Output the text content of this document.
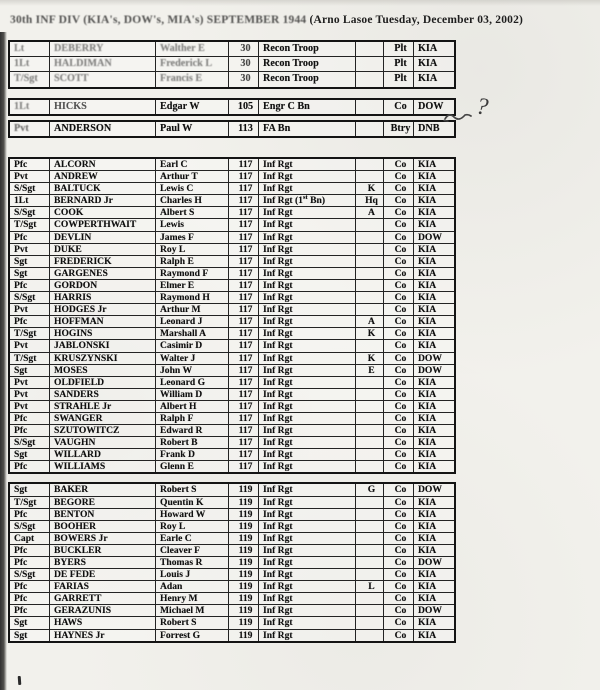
30th INF DIV (KIA's, DOW's, MIA's) SEPTEMBER 1944 (Arno Lasoe Tuesday, December 03, 2002)
Lt	DEBERRY	Walther E	30	Recon Troop		Plt	KIA
1Lt	HALDIMAN	Frederick L	30	Recon Troop		Plt	KIA
T/Sgt	SCOTT	Francis E	30	Recon Troop		Plt	KIA
1Lt	HICKS	Edgar W	105	Engr C Bn		Co	DOW
Pvt	ANDERSON	Paul W	113	FA Bn		Btry	DNB
Pfc	ALCORN	Earl C	117	Inf Rgt		Co	KIA
Pvt	ANDREW	Arthur T	117	Inf Rgt		Co	KIA
S/Sgt	BALTUCK	Lewis C	117	Inf Rgt	K	Co	KIA
1Lt	BERNARD Jr	Charles H	117	Inf Rgt (1st Bn)	Hq	Co	KIA
S/Sgt	COOK	Albert S	117	Inf Rgt	A	Co	KIA
T/Sgt	COWPERTHWAIT	Lewis	117	Inf Rgt		Co	KIA
Pfc	DEVLIN	James F	117	Inf Rgt		Co	DOW
Pvt	DUKE	Roy L	117	Inf Rgt		Co	KIA
Sgt	FREDERICK	Ralph E	117	Inf Rgt		Co	KIA
Sgt	GARGENES	Raymond F	117	Inf Rgt		Co	KIA
Pfc	GORDON	Elmer E	117	Inf Rgt		Co	KIA
S/Sgt	HARRIS	Raymond H	117	Inf Rgt		Co	KIA
Pvt	HODGES Jr	Arthur M	117	Inf Rgt		Co	KIA
Pfc	HOFFMAN	Leonard J	117	Inf Rgt	A	Co	KIA
T/Sgt	HOGINS	Marshall A	117	Inf Rgt	K	Co	KIA
Pvt	JABLONSKI	Casimir D	117	Inf Rgt		Co	KIA
T/Sgt	KRUSZYNSKI	Walter J	117	Inf Rgt	K	Co	DOW
Sgt	MOSES	John W	117	Inf Rgt	E	Co	DOW
Pvt	OLDFIELD	Leonard G	117	Inf Rgt		Co	KIA
Pvt	SANDERS	William D	117	Inf Rgt		Co	KIA
Pvt	STRAHLE Jr	Albert H	117	Inf Rgt		Co	KIA
Pfc	SWANGER	Ralph F	117	Inf Rgt		Co	KIA
Pfc	SZUTOWITCZ	Edward R	117	Inf Rgt		Co	KIA
S/Sgt	VAUGHN	Robert B	117	Inf Rgt		Co	KIA
Sgt	WILLARD	Frank D	117	Inf Rgt		Co	KIA
Pfc	WILLIAMS	Glenn E	117	Inf Rgt		Co	KIA
Sgt	BAKER	Robert S	119	Inf Rgt	G	Co	DOW
T/Sgt	BEGORE	Quentin K	119	Inf Rgt		Co	KIA
Pfc	BENTON	Howard W	119	Inf Rgt		Co	KIA
S/Sgt	BOOHER	Roy L	119	Inf Rgt		Co	KIA
Capt	BOWERS Jr	Earle C	119	Inf Rgt		Co	KIA
Pfc	BUCKLER	Cleaver F	119	Inf Rgt		Co	KIA
Pfc	BYERS	Thomas R	119	Inf Rgt		Co	DOW
S/Sgt	DE FEDE	Louis J	119	Inf Rgt		Co	KIA
Pfc	FARIAS	Adan	119	Inf Rgt	L	Co	KIA
Pfc	GARRETT	Henry M	119	Inf Rgt		Co	KIA
Pfc	GERAZUNIS	Michael M	119	Inf Rgt		Co	DOW
Sgt	HAWS	Robert S	119	Inf Rgt		Co	KIA
Sgt	HAYNES Jr	Forrest G	119	Inf Rgt		Co	KIA
?
